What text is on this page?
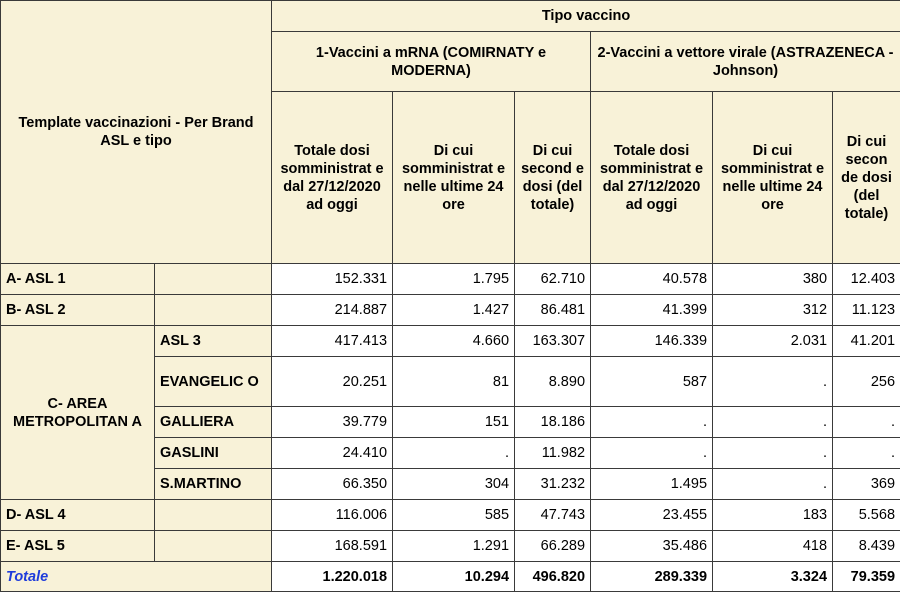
Template vaccinazioni - Per Brand ASL e tipo		Tipo vaccino					
		1-Vaccini a mRNA (COMIRNATY e MODERNA)			2-Vaccini a vettore virale (ASTRAZENECA - Johnson)		
		Totale dosi somministrat e dal 27/12/2020 ad oggi	Di cui somministrat e nelle ultime 24 ore	Di cui second e dosi (del totale)	Totale dosi somministrat e dal 27/12/2020 ad oggi	Di cui somministrat e nelle ultime 24 ore	Di cui secon de dosi (del totale)
A- ASL 1		152.331	1.795	62.710	40.578	380	12.403
B- ASL 2		214.887	1.427	86.481	41.399	312	11.123
C- AREA METROPOLITAN A	ASL 3	417.413	4.660	163.307	146.339	2.031	41.201
	EVANGELIC O	20.251	81	8.890	587	.	256
	GALLIERA	39.779	151	18.186	.	.	.
	GASLINI	24.410	.	11.982	.	.	.
	S.MARTINO	66.350	304	31.232	1.495	.	369
D- ASL 4		116.006	585	47.743	23.455	183	5.568
E- ASL 5		168.591	1.291	66.289	35.486	418	8.439
Totale		1.220.018	10.294	496.820	289.339	3.324	79.359
